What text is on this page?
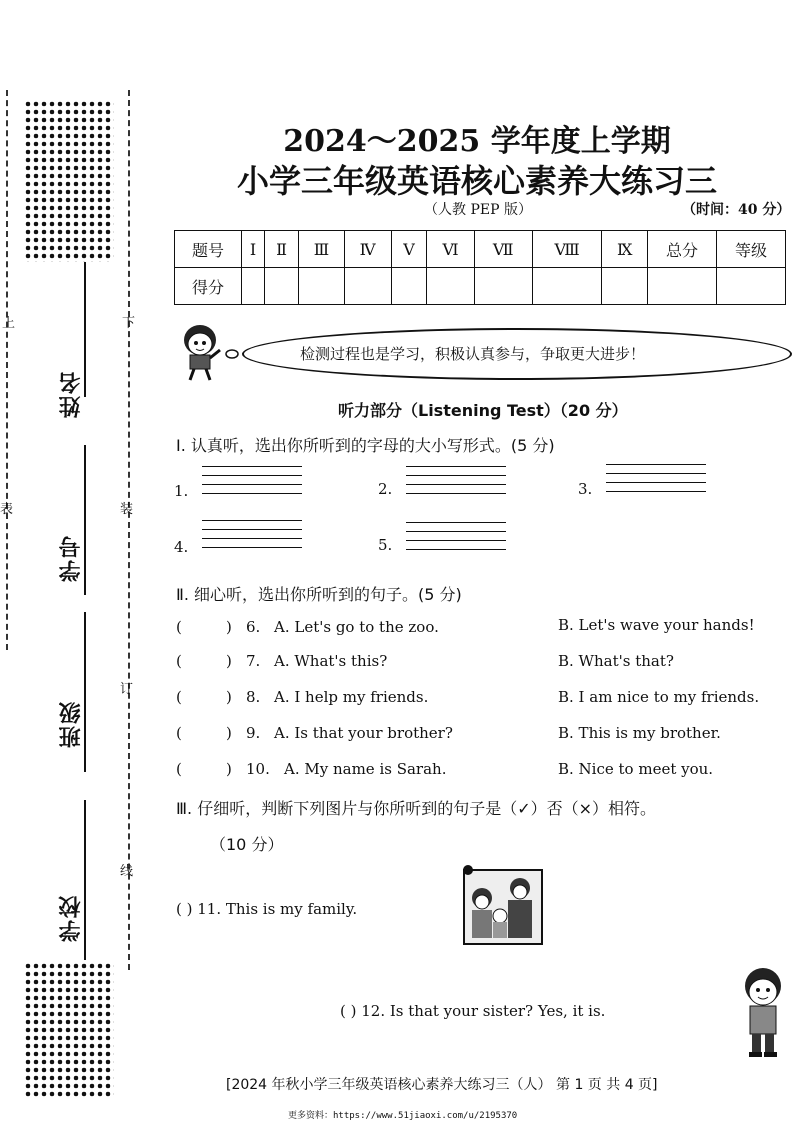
姓名
学号
班级
学校
上	下
装
表
订
线
2024～2025 学年度上学期
小学三年级英语核心素养大练习三
（人教 PEP 版）	（时间：40 分）
题号	Ⅰ	Ⅱ	Ⅲ	Ⅳ	Ⅴ	Ⅵ	Ⅶ	Ⅷ	Ⅸ	总分	等级
得分											
检测过程也是学习，积极认真参与，争取更大进步！
听力部分（Listening Test）（20 分）
Ⅰ. 认真听，选出你所听到的字母的大小写形式。(5 分)
1.	2.	3.
4.	5.
Ⅱ. 细心听，选出你所听到的句子。(5 分)
(	) 6. A. Let's go to the zoo.	B. Let's wave your hands!
(	) 7. A. What's this?	B. What's that?
(	) 8. A. I help my friends.	B. I am nice to my friends.
(	) 9. A. Is that your brother?	B. This is my brother.
(	) 10. A. My name is Sarah.	B. Nice to meet you.
Ⅲ. 仔细听，判断下列图片与你所听到的句子是（✓）否（×）相符。
（10 分）
( ) 11. This is my family.
( ) 12. Is that your sister? Yes, it is.
[2024 年秋小学三年级英语核心素养大练习三（人） 第 1 页 共 4 页]
更多资料：https://www.51jiaoxi.com/u/2195370
